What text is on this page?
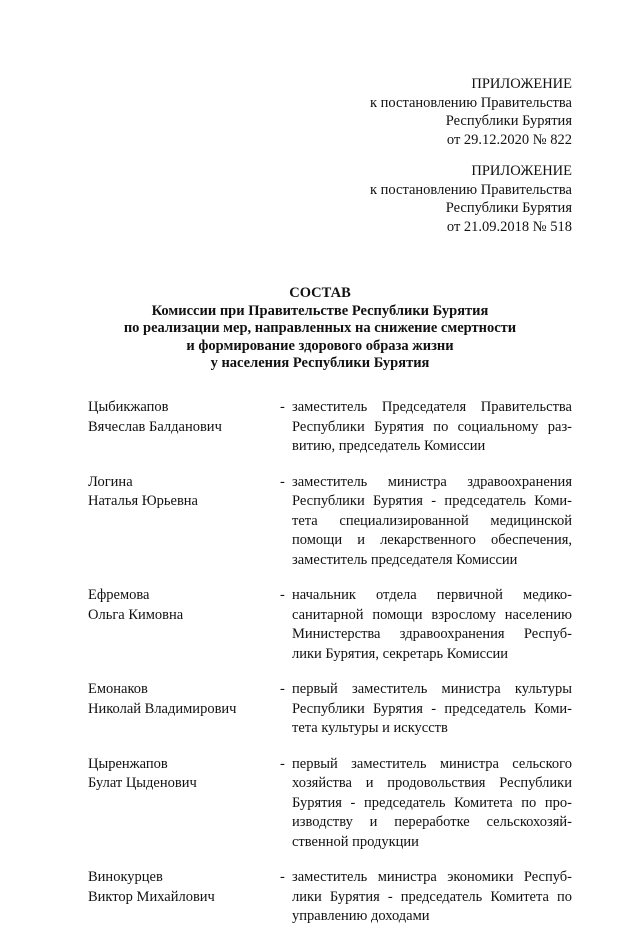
ПРИЛОЖЕНИЕ
к постановлению Правительства
Республики Бурятия
от 29.12.2020 № 822
ПРИЛОЖЕНИЕ
к постановлению Правительства
Республики Бурятия
от 21.09.2018 № 518
СОСТАВ
Комиссии при Правительстве Республики Бурятия
по реализации мер, направленных на снижение смертности
и формирование здорового образа жизни
у населения Республики Бурятия
Цыбикжапов
Вячеслав Балданович
- заместитель Председателя Правительства
Республики Бурятия по социальному раз-
витию, председатель Комиссии
Логина
Наталья Юрьевна
- заместитель министра здравоохранения
Республики Бурятия - председатель Коми-
тета специализированной медицинской
помощи и лекарственного обеспечения,
заместитель председателя Комиссии
Ефремова
Ольга Кимовна
- начальник отдела первичной медико-
санитарной помощи взрослому населению
Министерства здравоохранения Респуб-
лики Бурятия, секретарь Комиссии
Емонаков
Николай Владимирович
- первый заместитель министра культуры
Республики Бурятия - председатель Коми-
тета культуры и искусств
Цыренжапов
Булат Цыденович
- первый заместитель министра сельского
хозяйства и продовольствия Республики
Бурятия - председатель Комитета по про-
изводству и переработке сельскохозяй-
ственной продукции
Винокурцев
Виктор Михайлович
- заместитель министра экономики Респуб-
лики Бурятия - председатель Комитета по
управлению доходами
